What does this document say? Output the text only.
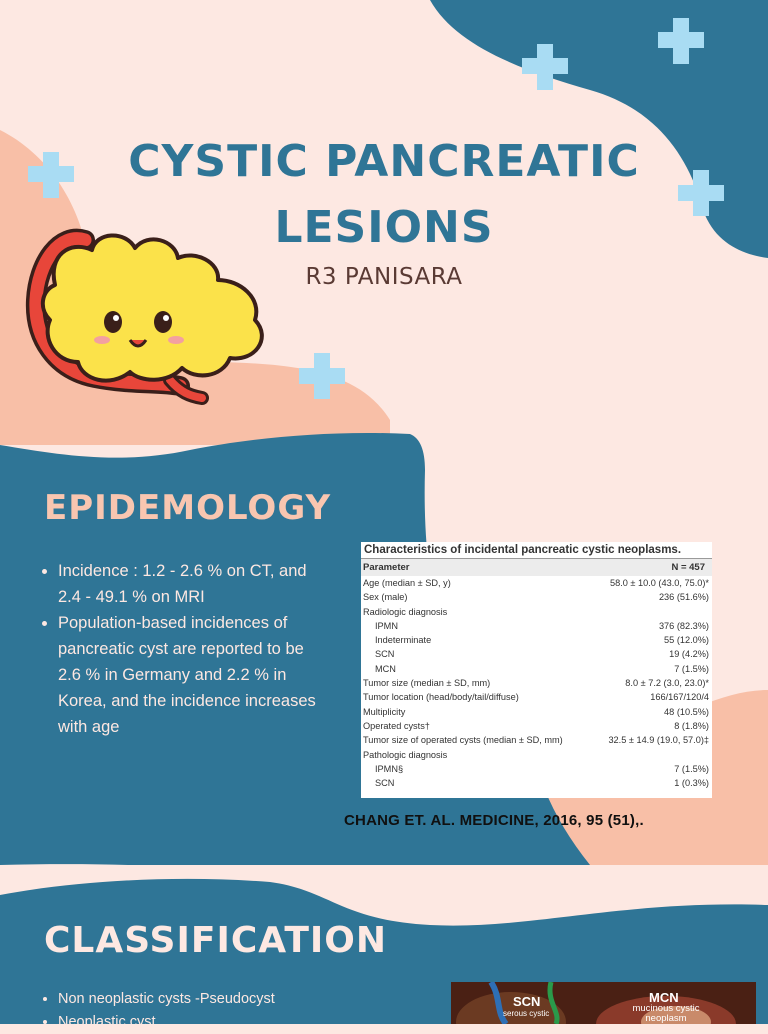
CYSTIC PANCREATIC
LESIONS
R3 PANISARA
EPIDEMOLOGY
• Incidence : 1.2 - 2.6 % on CT, and 2.4 - 49.1 % on MRI
• Population-based incidences of pancreatic cyst are reported to be 2.6 % in Germany and 2.2 % in Korea, and the incidence increases with age
Characteristics of incidental pancreatic cystic neoplasms.
Parameter	N = 457
Age (median ± SD, y)	58.0 ± 10.0 (43.0, 75.0)*
Sex (male)	236 (51.6%)
Radiologic diagnosis
IPMN	376 (82.3%)
Indeterminate	55 (12.0%)
SCN	19 (4.2%)
MCN	7 (1.5%)
Tumor size (median ± SD, mm)	8.0 ± 7.2 (3.0, 23.0)*
Tumor location (head/body/tail/diffuse)	166/167/120/4
Multiplicity	48 (10.5%)
Operated cysts†	8 (1.8%)
Tumor size of operated cysts (median ± SD, mm)	32.5 ± 14.9 (19.0, 57.0)‡
Pathologic diagnosis
IPMN§	7 (1.5%)
SCN	1 (0.3%)
CHANG ET. AL. MEDICINE, 2016, 95 (51),.
CLASSIFICATION
• Non neoplastic cysts -Pseudocyst
• Neoplastic cyst
SCN
serous cystic
MCN
mucinous cystic neoplasm
